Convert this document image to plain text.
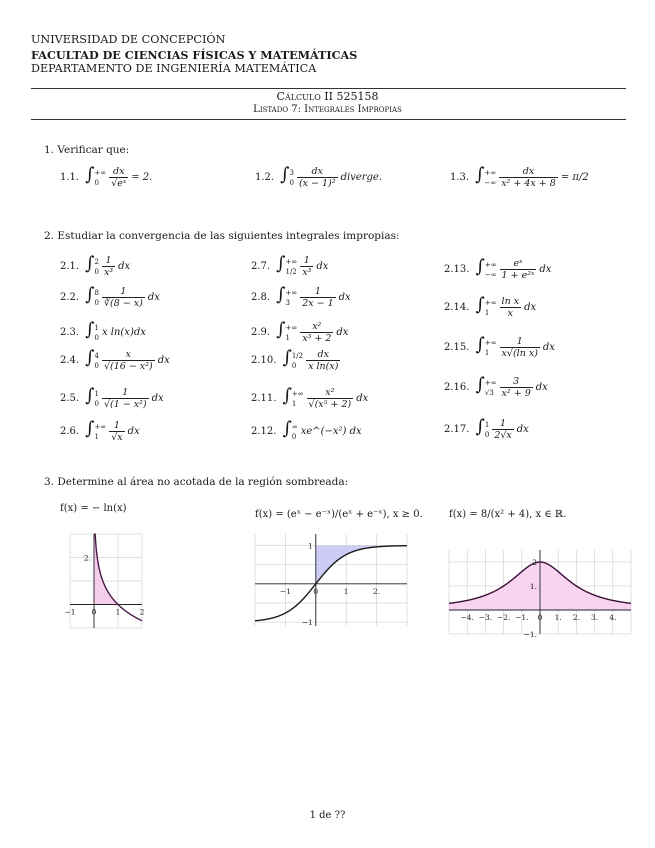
UNIVERSIDAD DE CONCEPCIÓN
FACULTAD DE CIENCIAS FÍSICAS Y MATEMÁTICAS
DEPARTAMENTO DE INGENIERÍA MATEMÁTICA
Cálculo II 525158
Listado 7: Integrales Impropias
1. Verificar que:
1.1. ∫ +∞
0	$\frac{dx}{\text{√eˣ}} = 2$.	1.2. ∫ 3
$0 \frac{dx}{\text{(x − 1)²}}$ diverge.	1.3. ∫ +∞
−∞ $\frac{dx}{\text{x² + 4x + 8}} = \pi/2$
2. Estudiar la convergencia de las siguientes integrales impropias:
2.1. ∫ 2
$0 \frac{1}{\text{x³}}$ dx
2.2. ∫ 8
$0 \frac{1}{∛(8 - x)}$ dx
2.3. ∫ 1
0 x ln(x)dx
2.4. ∫ 4
$0 \frac{x}{\text{√(16 − x²)}}$ dx
2.5. ∫ 1
$0 \frac{1}{\text{√(1 − x²)}}$ dx
2.6. ∫ +∞
1	$\frac{1}{√x}$ dx
2.7. ∫ +∞
$1/2 \frac{1}{\text{x³}}$ dx
2.8. ∫ +∞
3	$\frac{1}{2x - 1}$ dx
2.9. ∫ +∞
1	$\frac{\text{x²}}{\text{x³ + 2}}$ dx
2.10. ∫ 1/2
0	$\frac{dx}{\text{x ln(x)}}$
2.11. ∫ +∞
1	$\frac{\text{x²}}{\text{√(x⁵ + 2)}}$ dx
2.12. ∫ ∞
0 xe^(−x²) dx
2.13. ∫ +∞
−∞ $\frac{\text{eˣ}}{\text{1 + e²ˣ}}$ dx
2.14. ∫ +∞
1	$\frac{\text{ln x}}{x}$ dx
2.15. ∫ +∞
1	$\frac{1}{\text{x√(ln x)}}$ dx
2.16. ∫ +∞
$√3 \frac{3}{\text{x² + 9}}$ dx
2.17. ∫ 1
$0 \frac{1}{2√x}$ dx
3. Determine al área no acotada de la región sombreada:
f(x) = − ln(x)
f(x) = (eˣ − e⁻ˣ)/(eˣ + e⁻ˣ), x ≥ 0.	f(x) = 8/(x² + 4), x ∈ ℝ.
−1 0	1	2
2.
−1	0	1	2.
1
−1
−4. −3. −2. −1. 0 1. 2. 3. 4.
2
1.
−1.
1 de ??
